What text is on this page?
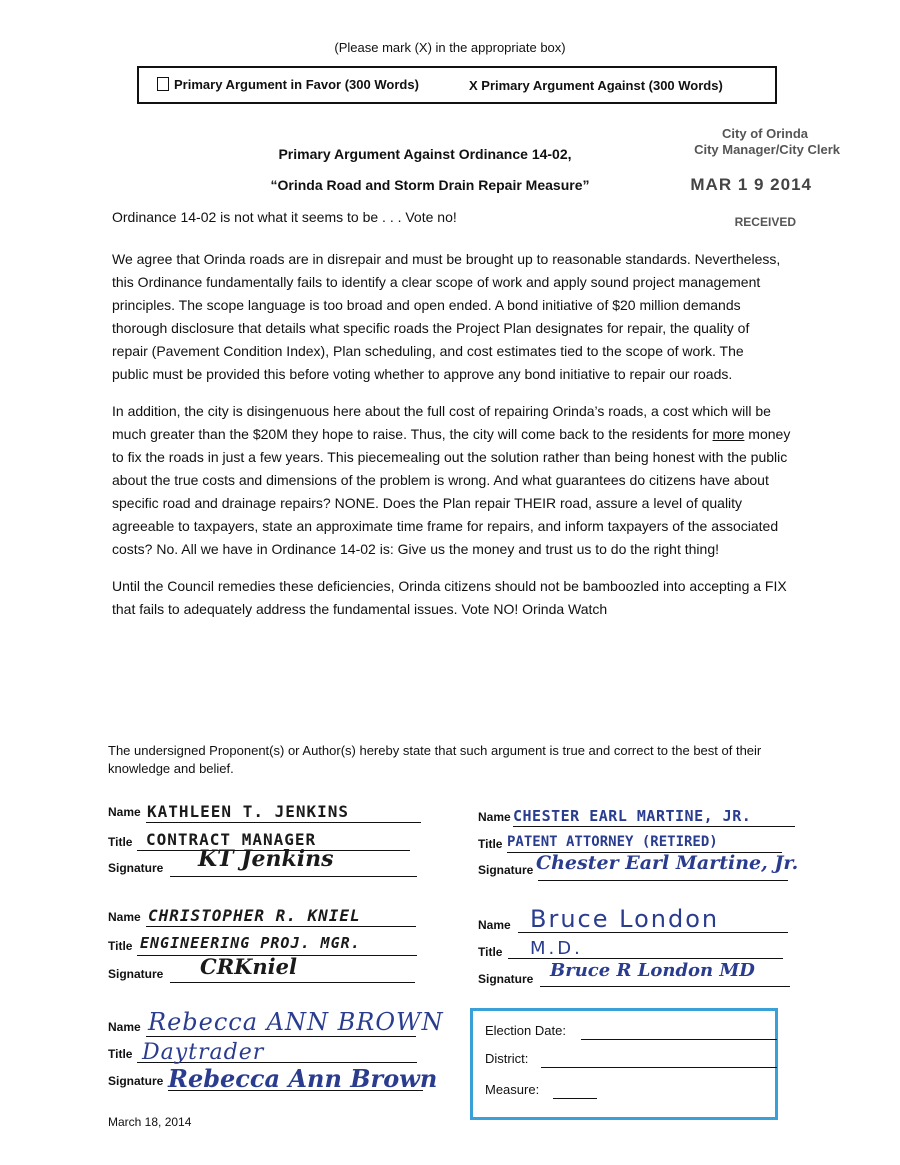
(Please mark (X) in the appropriate box)
Primary Argument in Favor (300 Words)	X Primary Argument Against (300 Words)
City of Orinda
City Manager/City Clerk
MAR 1 9 2014
RECEIVED
Primary Argument Against Ordinance 14-02,
“Orinda Road and Storm Drain Repair Measure”
Ordinance 14-02 is not what it seems to be . . . Vote no!

We agree that Orinda roads are in disrepair and must be brought up to reasonable standards. Nevertheless, this Ordinance fundamentally fails to identify a clear scope of work and apply sound project management principles. The scope language is too broad and open ended. A bond initiative of $20 million demands thorough disclosure that details what specific roads the Project Plan designates for repair, the quality of repair (Pavement Condition Index), Plan scheduling, and cost estimates tied to the scope of work. The public must be provided this before voting whether to approve any bond initiative to repair our roads.

In addition, the city is disingenuous here about the full cost of repairing Orinda’s roads, a cost which will be much greater than the $20M they hope to raise. Thus, the city will come back to the residents for more money to fix the roads in just a few years. This piecemealing out the solution rather than being honest with the public about the true costs and dimensions of the problem is wrong. And what guarantees do citizens have about specific road and drainage repairs? NONE. Does the Plan repair THEIR road, assure a level of quality agreeable to taxpayers, state an approximate time frame for repairs, and inform taxpayers of the associated costs? No. All we have in Ordinance 14-02 is: Give us the money and trust us to do the right thing!

Until the Council remedies these deficiencies, Orinda citizens should not be bamboozled into accepting a FIX that fails to adequately address the fundamental issues. Vote NO! Orinda Watch

The undersigned Proponent(s) or Author(s) hereby state that such argument is true and correct to the best of their knowledge and belief.
Name
Title
Signature
KATHLEEN T. JENKINS
CONTRACT MANAGER
KT Jenkins
Name
Title
Signature
CHESTER EARL MARTINE, JR.
PATENT ATTORNEY (RETIRED)
Chester Earl Martine, Jr.
Name
Title
Signature
CHRISTOPHER R. KNIEL
ENGINEERING PROJ. MGR.
CRKniel
Name
Title
Signature
Bruce London
M.D.
Bruce R London MD
Name
Title
Signature
Rebecca ANN BROWN
Daytrader
Rebecca Ann Brown
Election Date:
District:
Measure:
March 18, 2014
